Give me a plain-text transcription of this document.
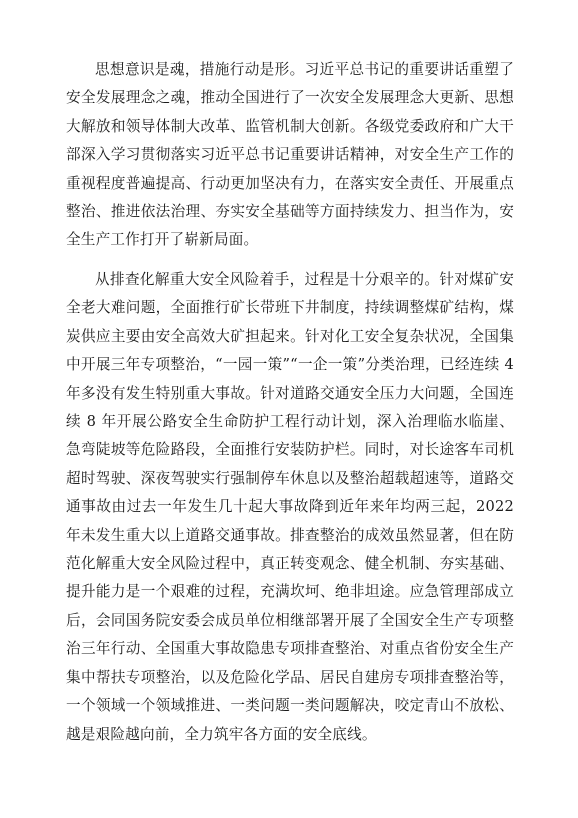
思想意识是魂，措施行动是形。习近平总书记的重要讲话重塑了安全发展理念之魂，推动全国进行了一次安全发展理念大更新、思想大解放和领导体制大改革、监管机制大创新。各级党委政府和广大干部深入学习贯彻落实习近平总书记重要讲话精神，对安全生产工作的重视程度普遍提高、行动更加坚决有力，在落实安全责任、开展重点整治、推进依法治理、夯实安全基础等方面持续发力、担当作为，安全生产工作打开了崭新局面。

从排查化解重大安全风险着手，过程是十分艰辛的。针对煤矿安全老大难问题，全面推行矿长带班下井制度，持续调整煤矿结构，煤炭供应主要由安全高效大矿担起来。针对化工安全复杂状况，全国集中开展三年专项整治，“一园一策”“一企一策”分类治理，已经连续 4 年多没有发生特别重大事故。针对道路交通安全压力大问题，全国连续 8 年开展公路安全生命防护工程行动计划，深入治理临水临崖、急弯陡坡等危险路段，全面推行安装防护栏。同时，对长途客车司机超时驾驶、深夜驾驶实行强制停车休息以及整治超载超速等，道路交通事故由过去一年发生几十起大事故降到近年来年均两三起，2022 年未发生重大以上道路交通事故。排查整治的成效虽然显著，但在防范化解重大安全风险过程中，真正转变观念、健全机制、夯实基础、提升能力是一个艰难的过程，充满坎坷、绝非坦途。应急管理部成立后，会同国务院安委会成员单位相继部署开展了全国安全生产专项整治三年行动、全国重大事故隐患专项排查整治、对重点省份安全生产集中帮扶专项整治，以及危险化学品、居民自建房专项排查整治等，一个领域一个领域推进、一类问题一类问题解决，咬定青山不放松、越是艰险越向前，全力筑牢各方面的安全底线。
